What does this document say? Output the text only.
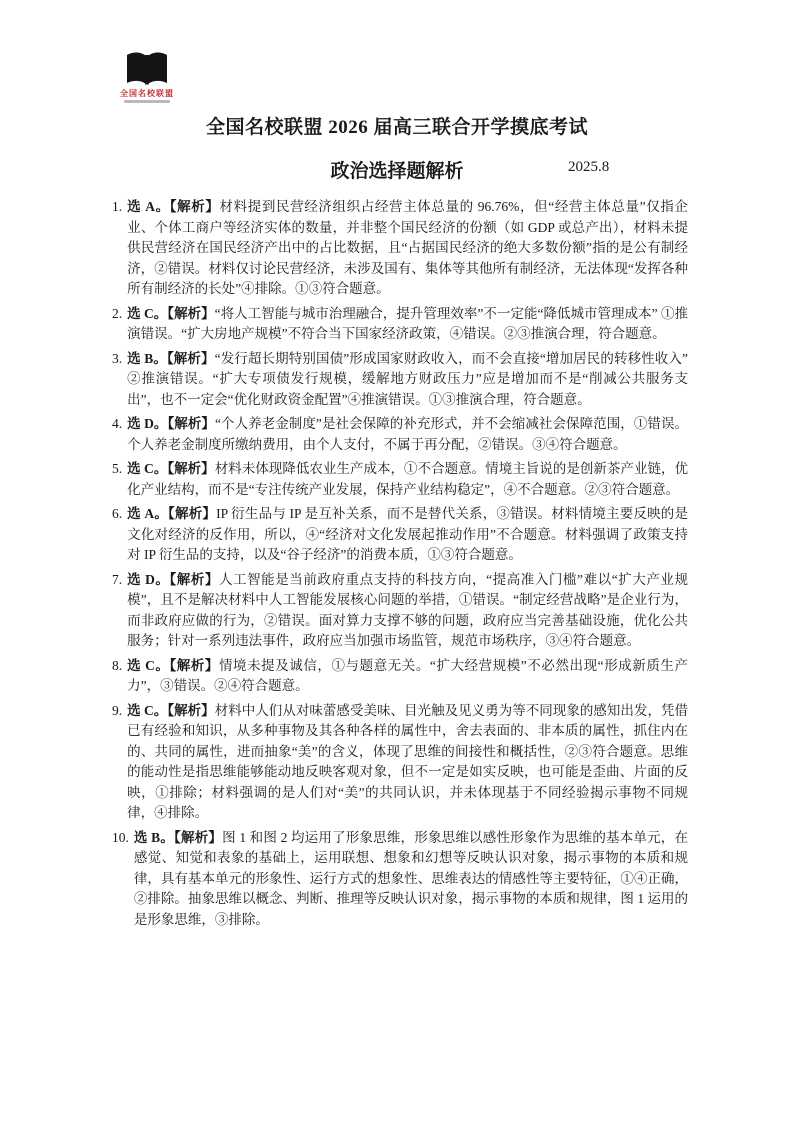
全国名校联盟
全国名校联盟 2026 届高三联合开学摸底考试
政治选择题解析	2025.8
1. 选 A。【解析】材料提到民营经济组织占经营主体总量的 96.76%，但“经营主体总量”仅指企业、个体工商户等经济实体的数量，并非整个国民经济的份额（如 GDP 或总产出），材料未提供民营经济在国民经济产出中的占比数据，且“占据国民经济的绝大多数份额”指的是公有制经济，②错误。材料仅讨论民营经济，未涉及国有、集体等其他所有制经济，无法体现“发挥各种所有制经济的长处”④排除。①③符合题意。
2. 选 C。【解析】“将人工智能与城市治理融合，提升管理效率”不一定能“降低城市管理成本” ①推演错误。“扩大房地产规模”不符合当下国家经济政策，④错误。②③推演合理，符合题意。
3. 选 B。【解析】“发行超长期特别国债”形成国家财政收入，而不会直接“增加居民的转移性收入” ②推演错误。“扩大专项债发行规模，缓解地方财政压力”应是增加而不是“削减公共服务支出”，也不一定会“优化财政资金配置”④推演错误。①③推演合理，符合题意。
4. 选 D。【解析】“个人养老金制度”是社会保障的补充形式，并不会缩减社会保障范围，①错误。个人养老金制度所缴纳费用，由个人支付，不属于再分配，②错误。③④符合题意。
5. 选 C。【解析】材料未体现降低农业生产成本，①不合题意。情境主旨说的是创新茶产业链，优化产业结构，而不是“专注传统产业发展，保持产业结构稳定”，④不合题意。②③符合题意。
6. 选 A。【解析】IP 衍生品与 IP 是互补关系，而不是替代关系，③错误。材料情境主要反映的是文化对经济的反作用，所以，④“经济对文化发展起推动作用”不合题意。材料强调了政策支持对 IP 衍生品的支持，以及“谷子经济”的消费本质，①③符合题意。
7. 选 D。【解析】人工智能是当前政府重点支持的科技方向，“提高准入门槛”难以“扩大产业规模”，且不是解决材料中人工智能发展核心问题的举措，①错误。“制定经营战略”是企业行为，而非政府应做的行为，②错误。面对算力支撑不够的问题，政府应当完善基础设施，优化公共服务；针对一系列违法事件，政府应当加强市场监管，规范市场秩序，③④符合题意。
8. 选 C。【解析】情境未提及诚信，①与题意无关。“扩大经营规模”不必然出现“形成新质生产力”，③错误。②④符合题意。
9. 选 C。【解析】材料中人们从对味蕾感受美味、目光触及见义勇为等不同现象的感知出发，凭借已有经验和知识，从多种事物及其各种各样的属性中，舍去表面的、非本质的属性，抓住内在的、共同的属性，进而抽象“美”的含义，体现了思维的间接性和概括性，②③符合题意。思维的能动性是指思维能够能动地反映客观对象，但不一定是如实反映，也可能是歪曲、片面的反映，①排除；材料强调的是人们对“美”的共同认识，并未体现基于不同经验揭示事物不同规律，④排除。
10. 选 B。【解析】图 1 和图 2 均运用了形象思维，形象思维以感性形象作为思维的基本单元，在感觉、知觉和表象的基础上，运用联想、想象和幻想等反映认识对象，揭示事物的本质和规律，具有基本单元的形象性、运行方式的想象性、思维表达的情感性等主要特征，①④正确，②排除。抽象思维以概念、判断、推理等反映认识对象，揭示事物的本质和规律，图 1 运用的是形象思维，③排除。
